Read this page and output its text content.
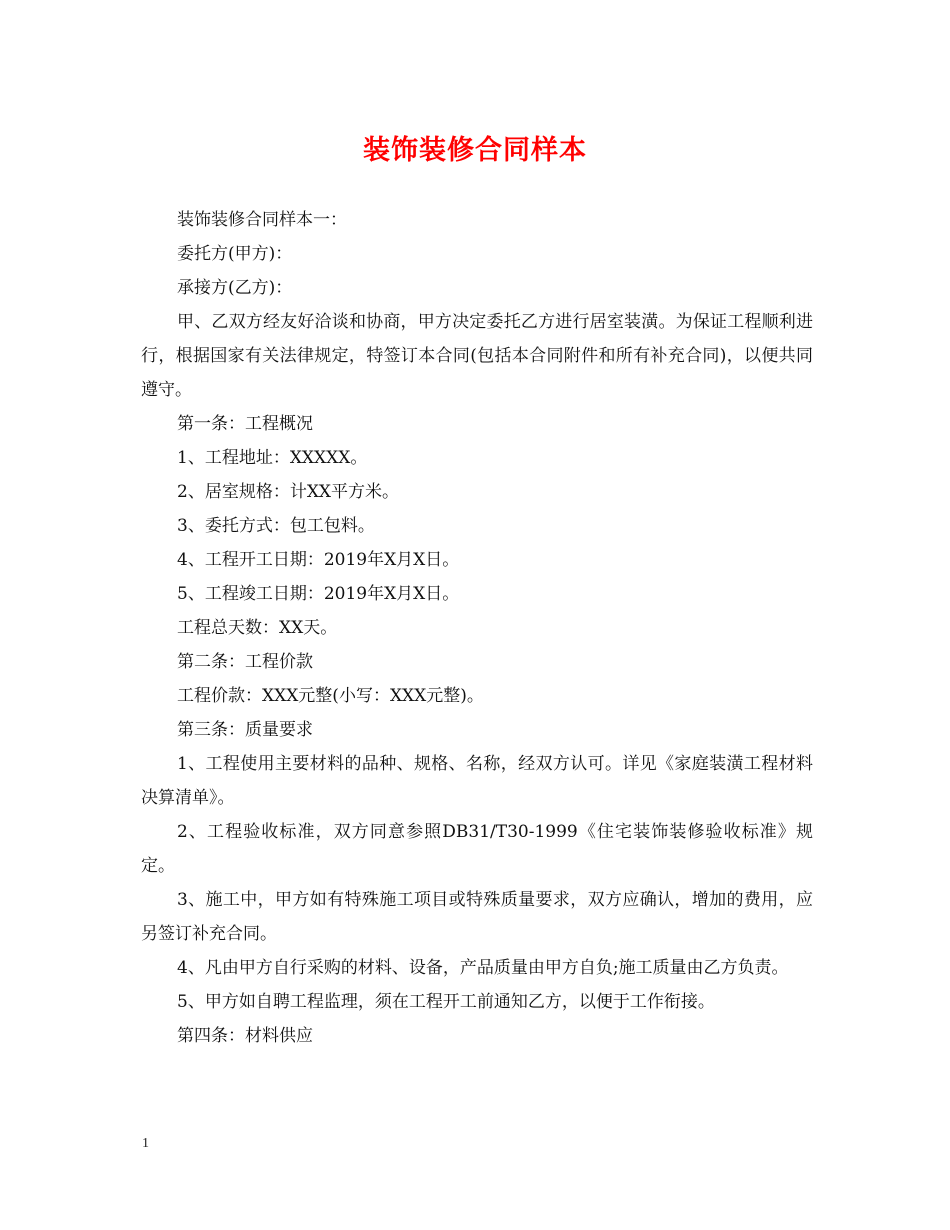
装饰装修合同样本

装饰装修合同样本一：

委托方(甲方)：

承接方(乙方)：

甲、乙双方经友好洽谈和协商，甲方决定委托乙方进行居室装潢。为保证工程顺利进行，根据国家有关法律规定，特签订本合同(包括本合同附件和所有补充合同)，以便共同遵守。

第一条：工程概况

1、工程地址：XXXXX。

2、居室规格：计XX平方米。

3、委托方式：包工包料。

4、工程开工日期：2019年X月X日。

5、工程竣工日期：2019年X月X日。

工程总天数：XX天。

第二条：工程价款

工程价款：XXX元整(小写：XXX元整)。

第三条：质量要求

1、工程使用主要材料的品种、规格、名称，经双方认可。详见《家庭装潢工程材料决算清单》。

2、工程验收标准，双方同意参照DB31/T30-1999《住宅装饰装修验收标准》规定。

3、施工中，甲方如有特殊施工项目或特殊质量要求，双方应确认，增加的费用，应另签订补充合同。

4、凡由甲方自行采购的材料、设备，产品质量由甲方自负;施工质量由乙方负责。

5、甲方如自聘工程监理，须在工程开工前通知乙方，以便于工作衔接。

第四条：材料供应

1
